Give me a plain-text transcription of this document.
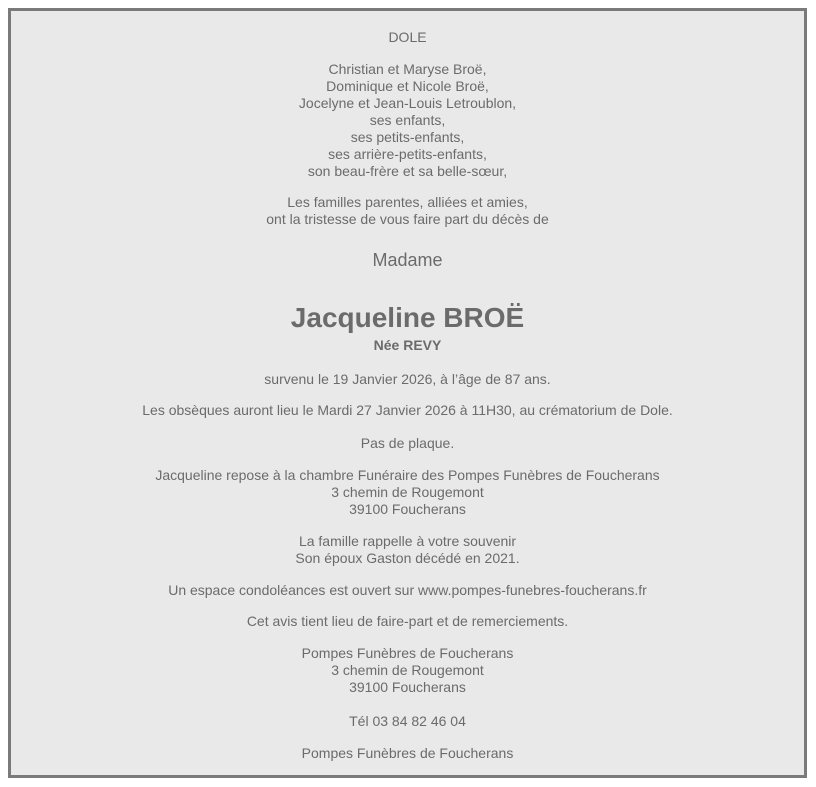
DOLE
Christian et Maryse Broë,
Dominique et Nicole Broë,
Jocelyne et Jean-Louis Letroublon,
ses enfants,
ses petits-enfants,
ses arrière-petits-enfants,
son beau-frère et sa belle-sœur,
Les familles parentes, alliées et amies,
ont la tristesse de vous faire part du décès de
Madame
Jacqueline BROË
Née REVY
survenu le 19 Janvier 2026, à l’âge de 87 ans.
Les obsèques auront lieu le Mardi 27 Janvier 2026 à 11H30, au crématorium de Dole.
Pas de plaque.
Jacqueline repose à la chambre Funéraire des Pompes Funèbres de Foucherans
3 chemin de Rougemont
39100 Foucherans
La famille rappelle à votre souvenir
Son époux Gaston décédé en 2021.
Un espace condoléances est ouvert sur www.pompes-funebres-foucherans.fr
Cet avis tient lieu de faire-part et de remerciements.
Pompes Funèbres de Foucherans
3 chemin de Rougemont
39100 Foucherans
Tél 03 84 82 46 04
Pompes Funèbres de Foucherans
